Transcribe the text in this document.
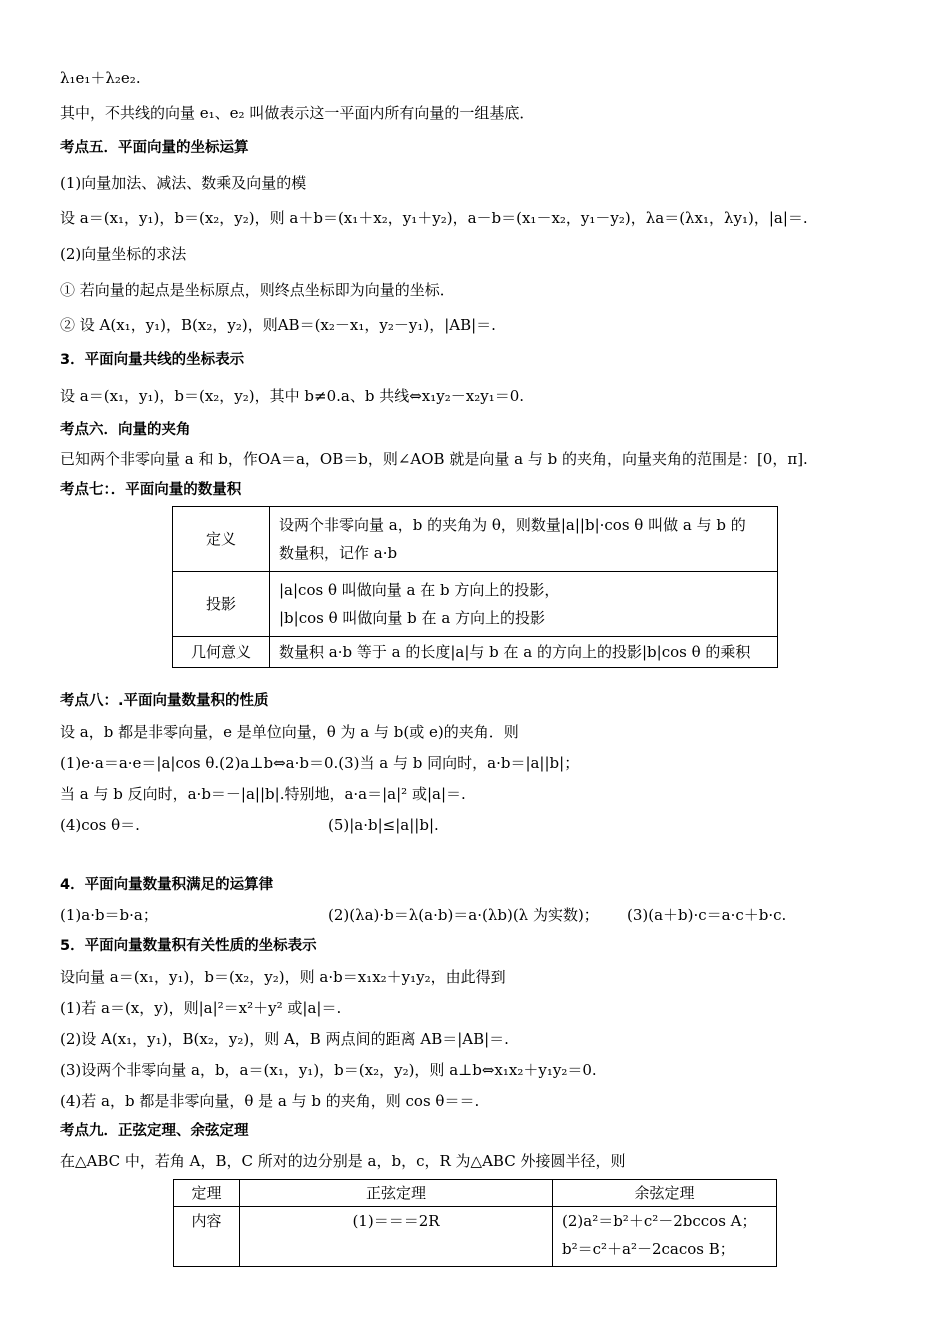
λ₁e₁＋λ₂e₂.
其中，不共线的向量 e₁、e₂ 叫做表示这一平面内所有向量的一组基底．
考点五．平面向量的坐标运算
(1)向量加法、减法、数乘及向量的模
设 a＝(x₁，y₁)，b＝(x₂，y₂)，则 a＋b＝(x₁＋x₂，y₁＋y₂)，a－b＝(x₁－x₂，y₁－y₂)，λa＝(λx₁，λy₁)，|a|＝.
(2)向量坐标的求法
① 若向量的起点是坐标原点，则终点坐标即为向量的坐标．
② 设 A(x₁，y₁)，B(x₂，y₂)，则AB＝(x₂－x₁，y₂－y₁)，|AB|＝.
3．平面向量共线的坐标表示
设 a＝(x₁，y₁)，b＝(x₂，y₂)，其中 b≠0.a、b 共线⇔x₁y₂－x₂y₁＝0.
考点六．向量的夹角
已知两个非零向量 a 和 b，作OA＝a，OB＝b，则∠AOB 就是向量 a 与 b 的夹角，向量夹角的范围是：[0，π].
考点七：．平面向量的数量积
定义	设两个非零向量 a，b 的夹角为 θ，则数量|a||b|·cos θ 叫做 a 与 b 的
数量积，记作 a·b

投影	|a|cos θ 叫做向量 a 在 b 方向上的投影，
|b|cos θ 叫做向量 b 在 a 方向上的投影

几何意义	数量积 a·b 等于 a 的长度|a|与 b 在 a 的方向上的投影|b|cos θ 的乘积
考点八：.平面向量数量积的性质
设 a，b 都是非零向量，e 是单位向量，θ 为 a 与 b(或 e)的夹角．则
(1)e·a＝a·e＝|a|cos θ.(2)a⊥b⇔a·b＝0.(3)当 a 与 b 同向时，a·b＝|a||b|；
当 a 与 b 反向时，a·b＝－|a||b|.特别地，a·a＝|a|² 或|a|＝.
(4)cos θ＝.	(5)|a·b|≤|a||b|.
4．平面向量数量积满足的运算律
(1)a·b＝b·a；	(2)(λa)·b＝λ(a·b)＝a·(λb)(λ 为实数)； (3)(a＋b)·c＝a·c＋b·c.
5．平面向量数量积有关性质的坐标表示
设向量 a＝(x₁，y₁)，b＝(x₂，y₂)，则 a·b＝x₁x₂＋y₁y₂，由此得到
(1)若 a＝(x，y)，则|a|²＝x²＋y² 或|a|＝.
(2)设 A(x₁，y₁)，B(x₂，y₂)，则 A，B 两点间的距离 AB＝|AB|＝.
(3)设两个非零向量 a，b，a＝(x₁，y₁)，b＝(x₂，y₂)，则 a⊥b⇔x₁x₂＋y₁y₂＝0.
(4)若 a，b 都是非零向量，θ 是 a 与 b 的夹角，则 cos θ＝＝.
考点九．正弦定理、余弦定理
在△ABC 中，若角 A，B，C 所对的边分别是 a，b，c，R 为△ABC 外接圆半径，则
定理	正弦定理	余弦定理
内容	(1)＝＝＝2R	(2)a²＝b²＋c²－2bccos A；
b²＝c²＋a²－2cacos B；
